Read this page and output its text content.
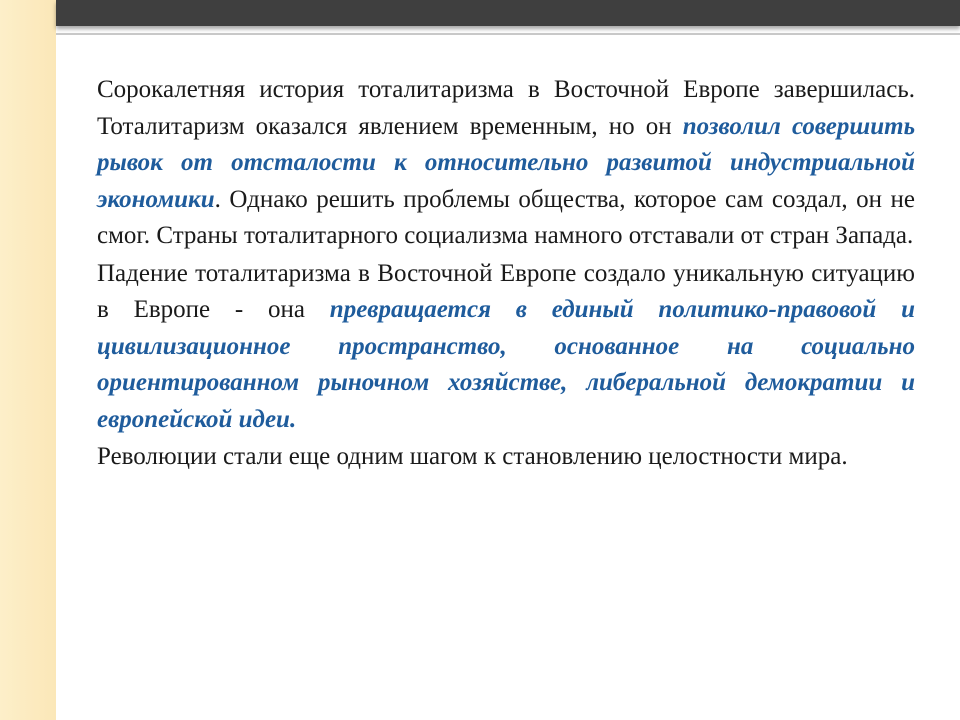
Сорокалетняя история тоталитаризма в Восточной Европе завершилась. Тоталитаризм оказался явлением временным, но он позволил совершить рывок от отсталости к относительно развитой индустриальной экономики. Однако решить проблемы общества, которое сам создал, он не смог. Страны тоталитарного социализма намного отставали от стран Запада.

Падение тоталитаризма в Восточной Европе создало уникальную ситуацию в Европе - она превращается в единый политико-правовой и цивилизационное пространство, основанное на социально ориентированном рыночном хозяйстве, либеральной демократии и европейской идеи.

Революции стали еще одним шагом к становлению целостности мира.
